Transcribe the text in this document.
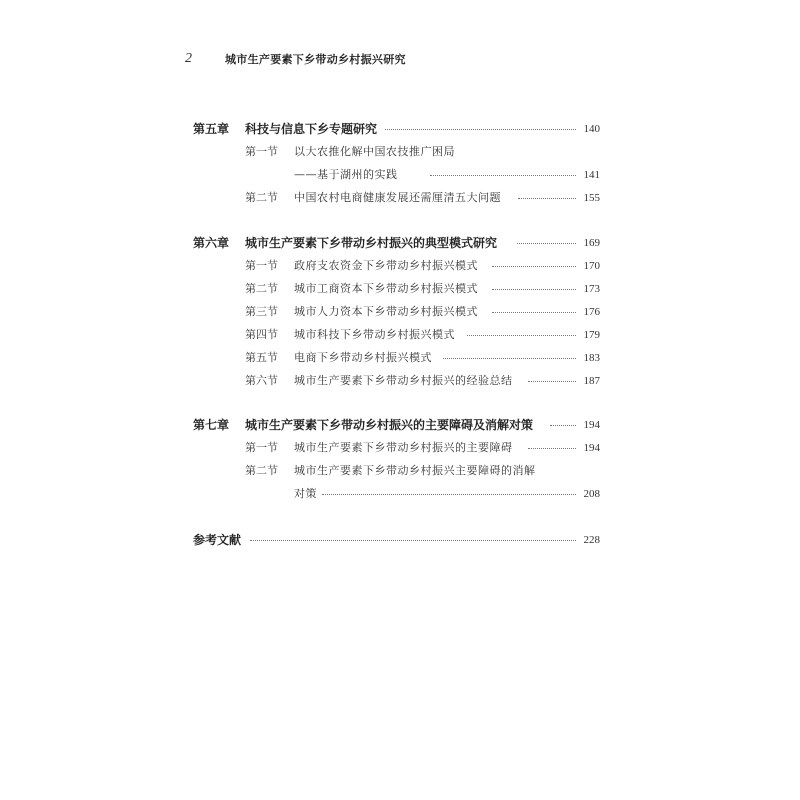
2	城市生产要素下乡带动乡村振兴研究
第五章 科技与信息下乡专题研究	140
第一节 以大农推化解中国农技推广困局
——基于湖州的实践	141
第二节 中国农村电商健康发展还需厘清五大问题	155
第六章 城市生产要素下乡带动乡村振兴的典型模式研究	169
第一节 政府支农资金下乡带动乡村振兴模式	170
第二节 城市工商资本下乡带动乡村振兴模式	173
第三节 城市人力资本下乡带动乡村振兴模式	176
第四节 城市科技下乡带动乡村振兴模式	179
第五节 电商下乡带动乡村振兴模式	183
第六节 城市生产要素下乡带动乡村振兴的经验总结	187
第七章 城市生产要素下乡带动乡村振兴的主要障碍及消解对策	194
第一节 城市生产要素下乡带动乡村振兴的主要障碍	194
第二节 城市生产要素下乡带动乡村振兴主要障碍的消解
对策	208
参考文献	228
